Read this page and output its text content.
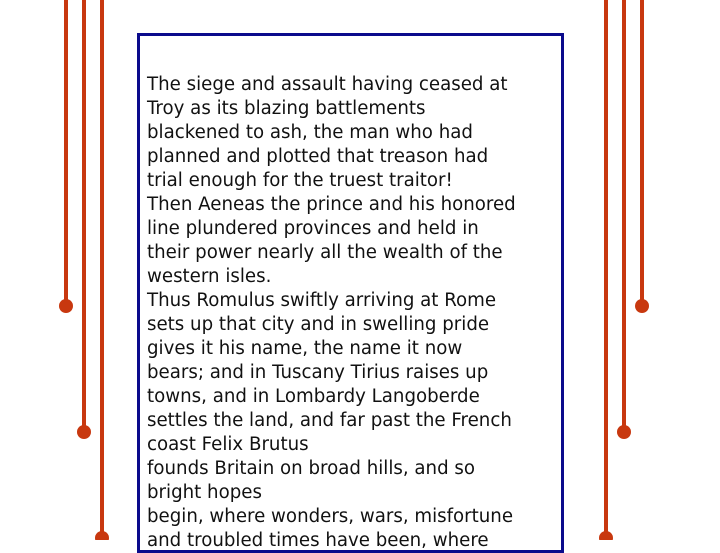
The siege and assault having ceased at
Troy as its blazing battlements
blackened to ash, the man who had
planned and plotted that treason had
trial enough for the truest traitor!
Then Aeneas the prince and his honored
line plundered provinces and held in
their power nearly all the wealth of the
western isles.
Thus Romulus swiftly arriving at Rome
sets up that city and in swelling pride
gives it his name, the name it now
bears; and in Tuscany Tirius raises up
towns, and in Lombardy Langoberde
settles the land, and far past the French
coast Felix Brutus
founds Britain on broad hills, and so
bright hopes
begin, where wonders, wars, misfortune
and troubled times have been, where
